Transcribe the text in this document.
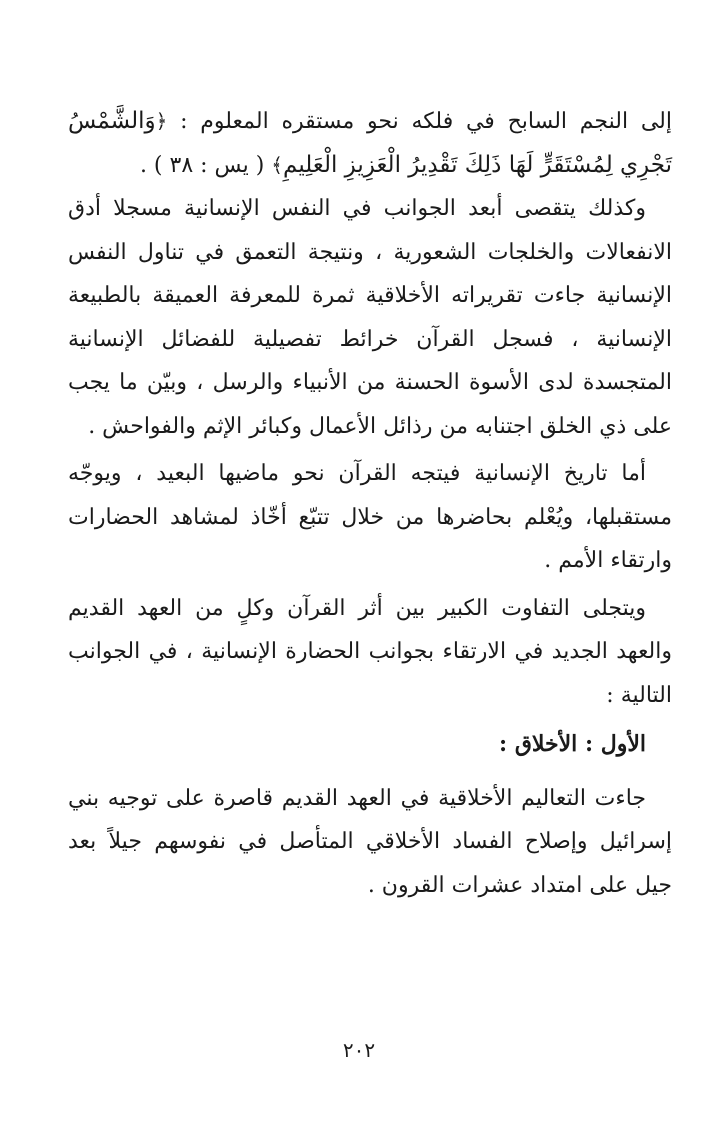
إلى النجم السابح في فلكه نحو مستقره المعلوم : ﴿وَالشَّمْسُ تَجْرِي لِمُسْتَقَرٍّ لَهَا ذَلِكَ تَقْدِيرُ الْعَزِيزِ الْعَلِيمِ﴾ ( يس : ٣٨ ) .

وكذلك يتقصى أبعد الجوانب في النفس الإنسانية مسجلا أدق الانفعالات والخلجات الشعورية ، ونتيجة التعمق في تناول النفس الإنسانية جاءت تقريراته الأخلاقية ثمرة للمعرفة العميقة بالطبيعة الإنسانية ، فسجل القرآن خرائط تفصيلية للفضائل الإنسانية المتجسدة لدى الأسوة الحسنة من الأنبياء والرسل ، وبيّن ما يجب على ذي الخلق اجتنابه من رذائل الأعمال وكبائر الإثم والفواحش .

أما تاريخ الإنسانية فيتجه القرآن نحو ماضيها البعيد ، ويوجّه مستقبلها، ويُعْلم بحاضرها من خلال تتبّع أخّاذ لمشاهد الحضارات وارتقاء الأمم .

ويتجلى التفاوت الكبير بين أثر القرآن وكلٍ من العهد القديم والعهد الجديد في الارتقاء بجوانب الحضارة الإنسانية ، في الجوانب التالية :

الأول : الأخلاق :

جاءت التعاليم الأخلاقية في العهد القديم قاصرة على توجيه بني إسرائيل وإصلاح الفساد الأخلاقي المتأصل في نفوسهم جيلاً بعد جيل على امتداد عشرات القرون .

٢٠٢
